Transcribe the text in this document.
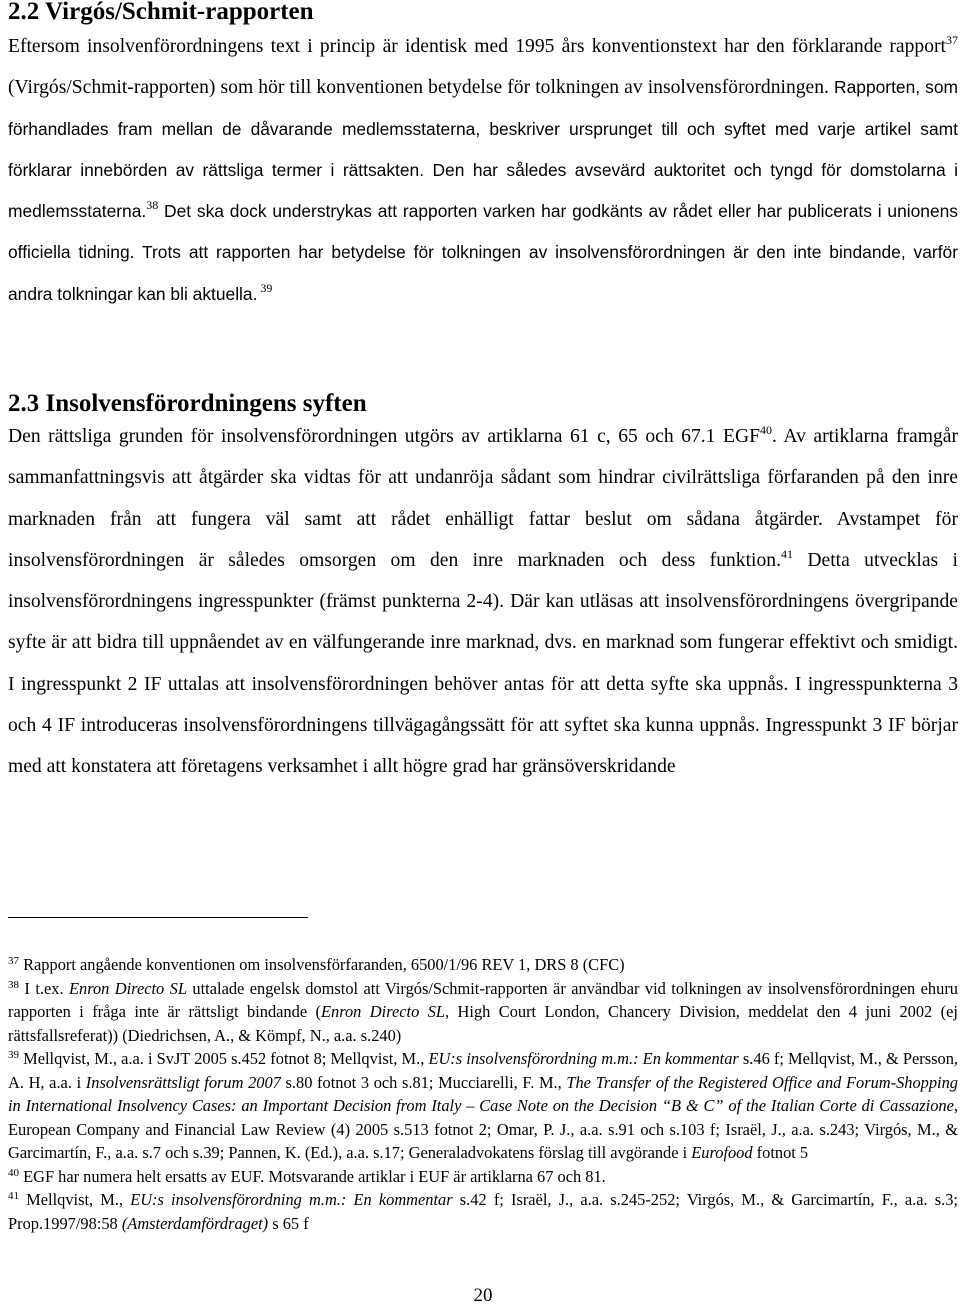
2.2 Virgós/Schmit-rapporten

Eftersom insolvenförordningens text i princip är identisk med 1995 års konventionstext har den förklarande rapport$^{37}$ (Virgós/Schmit-rapporten) som hör till konventionen betydelse för tolkningen av insolvensförordningen. Rapporten, som förhandlades fram mellan de dåvarande medlemsstaterna, beskriver ursprunget till och syftet med varje artikel samt förklarar innebörden av rättsliga termer i rättsakten. Den har således avsevärd auktoritet och tyngd för domstolarna i medlemsstaterna.$^{38}$ Det ska dock understrykas att rapporten varken har godkänts av rådet eller har publicerats i unionens officiella tidning. Trots att rapporten har betydelse för tolkningen av insolvensförordningen är den inte bindande, varför andra tolkningar kan bli aktuella. $^{39}$

2.3 Insolvensförordningens syften

Den rättsliga grunden för insolvensförordningen utgörs av artiklarna 61 c, 65 och 67.1 EGF$^{40}$. Av artiklarna framgår sammanfattningsvis att åtgärder ska vidtas för att undanröja sådant som hindrar civilrättsliga förfaranden på den inre marknaden från att fungera väl samt att rådet enhälligt fattar beslut om sådana åtgärder. Avstampet för insolvensförordningen är således omsorgen om den inre marknaden och dess funktion.$^{41}$ Detta utvecklas i insolvensförordningens ingresspunkter (främst punkterna 2-4). Där kan utläsas att insolvensförordningens övergripande syfte är att bidra till uppnåendet av en välfungerande inre marknad, dvs. en marknad som fungerar effektivt och smidigt. I ingresspunkt 2 IF uttalas att insolvensförordningen behöver antas för att detta syfte ska uppnås. I ingresspunkterna 3 och 4 IF introduceras insolvensförordningens tillvägagångssätt för att syftet ska kunna uppnås. Ingresspunkt 3 IF börjar med att konstatera att företagens verksamhet i allt högre grad har gränsöverskridande

$^{37}$ Rapport angående konventionen om insolvensförfaranden, 6500/1/96 REV 1, DRS 8 (CFC)

$^{38}$ I t.ex. Enron Directo SL uttalade engelsk domstol att Virgós/Schmit-rapporten är användbar vid tolkningen av insolvensförordningen ehuru rapporten i fråga inte är rättsligt bindande (Enron Directo SL, High Court London, Chancery Division, meddelat den 4 juni 2002 (ej rättsfallsreferat)) (Diedrichsen, A., & Kömpf, N., a.a. s.240)

$^{39}$ Mellqvist, M., a.a. i SvJT 2005 s.452 fotnot 8; Mellqvist, M., EU:s insolvensförordning m.m.: En kommentar s.46 f; Mellqvist, M., & Persson, A. H, a.a. i Insolvensrättsligt forum 2007 s.80 fotnot 3 och s.81; Mucciarelli, F. M., The Transfer of the Registered Office and Forum-Shopping in International Insolvency Cases: an Important Decision from Italy – Case Note on the Decision “B & C” of the Italian Corte di Cassazione, European Company and Financial Law Review (4) 2005 s.513 fotnot 2; Omar, P. J., a.a. s.91 och s.103 f; Israël, J., a.a. s.243; Virgós, M., & Garcimartín, F., a.a. s.7 och s.39; Pannen, K. (Ed.), a.a. s.17; Generaladvokatens förslag till avgörande i Eurofood fotnot 5

$^{40}$ EGF har numera helt ersatts av EUF. Motsvarande artiklar i EUF är artiklarna 67 och 81.

$^{41}$ Mellqvist, M., EU:s insolvensförordning m.m.: En kommentar s.42 f; Israël, J., a.a. s.245-252; Virgós, M., & Garcimartín, F., a.a. s.3; Prop.1997/98:58 (Amsterdamfördraget) s 65 f

20
